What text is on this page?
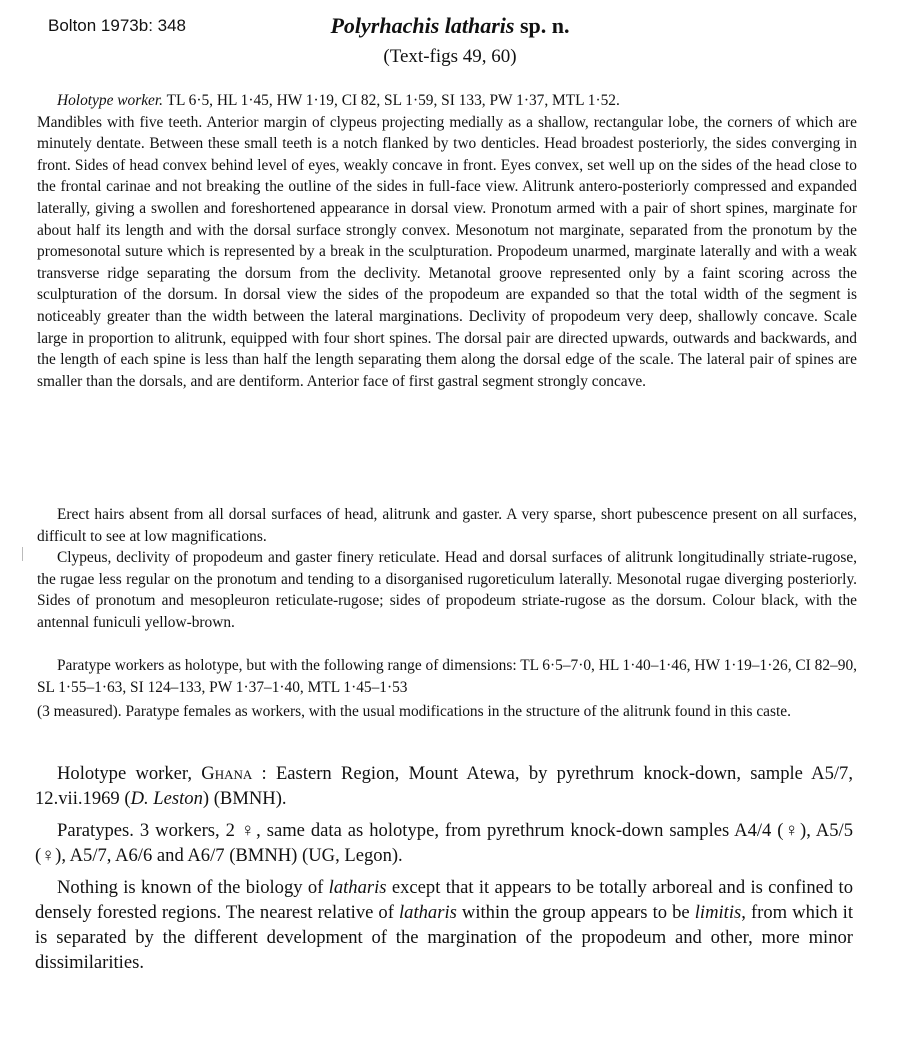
Bolton 1973b: 348	Polyrhachis latharis sp. n.
(Text-figs 49, 60)

Holotype worker. TL 6·5, HL 1·45, HW 1·19, CI 82, SL 1·59, SI 133, PW 1·37, MTL 1·52.

Mandibles with five teeth. Anterior margin of clypeus projecting medially as a shallow, rectangular lobe, the corners of which are minutely dentate. Between these small teeth is a notch flanked by two denticles. Head broadest posteriorly, the sides converging in front. Sides of head convex behind level of eyes, weakly concave in front. Eyes convex, set well up on the sides of the head close to the frontal carinae and not breaking the outline of the sides in full-face view. Alitrunk antero-posteriorly compressed and expanded laterally, giving a swollen and foreshortened appearance in dorsal view. Pronotum armed with a pair of short spines, marginate for about half its length and with the dorsal surface strongly convex. Mesonotum not marginate, separated from the pronotum by the promesonotal suture which is represented by a break in the sculpturation. Propodeum unarmed, marginate laterally and with a weak transverse ridge separating the dorsum from the declivity. Metanotal groove represented only by a faint scoring across the sculpturation of the dorsum. In dorsal view the sides of the propodeum are expanded so that the total width of the segment is noticeably greater than the width between the lateral marginations. Declivity of propodeum very deep, shallowly concave. Scale large in proportion to alitrunk, equipped with four short spines. The dorsal pair are directed upwards, outwards and backwards, and the length of each spine is less than half the length separating them along the dorsal edge of the scale. The lateral pair of spines are smaller than the dorsals, and are dentiform. Anterior face of first gastral segment strongly concave.

Erect hairs absent from all dorsal surfaces of head, alitrunk and gaster. A very sparse, short pubescence present on all surfaces, difficult to see at low magnifications.

Clypeus, declivity of propodeum and gaster finery reticulate. Head and dorsal surfaces of alitrunk longitudinally striate-rugose, the rugae less regular on the pronotum and tending to a disorganised rugoreticulum laterally. Mesonotal rugae diverging posteriorly. Sides of pronotum and mesopleuron reticulate-rugose; sides of propodeum striate-rugose as the dorsum. Colour black, with the antennal funiculi yellow-brown.

Paratype workers as holotype, but with the following range of dimensions: TL 6·5–7·0, HL 1·40–1·46, HW 1·19–1·26, CI 82–90, SL 1·55–1·63, SI 124–133, PW 1·37–1·40, MTL 1·45–1·53

(3 measured). Paratype females as workers, with the usual modifications in the structure of the alitrunk found in this caste.

Holotype worker, Ghana : Eastern Region, Mount Atewa, by pyrethrum knock-down, sample A5/7, 12.vii.1969 (D. Leston) (BMNH).
Paratypes. 3 workers, 2 ♀, same data as holotype, from pyrethrum knock-down samples A4/4 (♀), A5/5 (♀), A5/7, A6/6 and A6/7 (BMNH) (UG, Legon).
Nothing is known of the biology of latharis except that it appears to be totally arboreal and is confined to densely forested regions. The nearest relative of latharis within the group appears to be limitis, from which it is separated by the different development of the margination of the propodeum and other, more minor dissimilarities.
